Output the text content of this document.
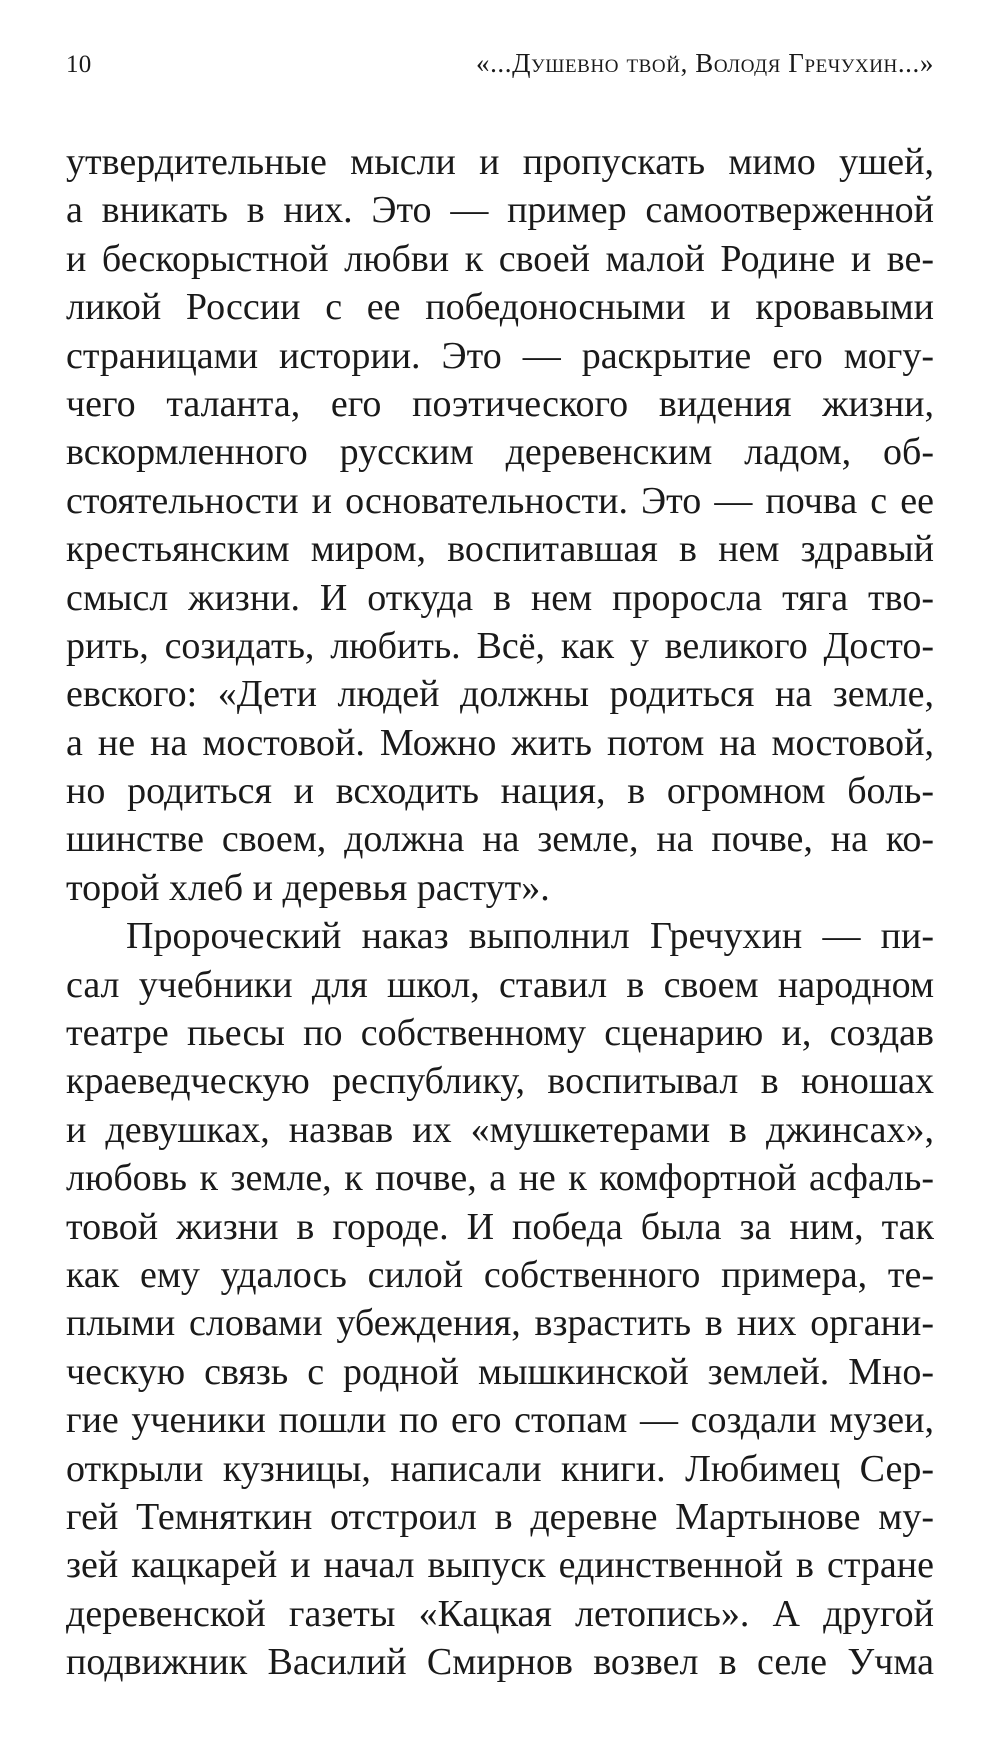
10	«...Душевно твой, Володя Гречухин...»
утвердительные мысли и пропускать мимо ушей,
а вникать в них. Это — пример самоотверженной
и бескорыстной любви к своей малой Родине и ве-
ликой России с ее победоносными и кровавыми
страницами истории. Это — раскрытие его могу-
чего таланта, его поэтического видения жизни,
вскормленного русским деревенским ладом, об-
стоятельности и основательности. Это — почва с ее
крестьянским миром, воспитавшая в нем здравый
смысл жизни. И откуда в нем проросла тяга тво-
рить, созидать, любить. Всё, как у великого Досто-
евского: «Дети людей должны родиться на земле,
а не на мостовой. Можно жить потом на мостовой,
но родиться и всходить нация, в огромном боль-
шинстве своем, должна на земле, на почве, на ко-
торой хлеб и деревья растут».
Пророческий наказ выполнил Гречухин — пи-
сал учебники для школ, ставил в своем народном
театре пьесы по собственному сценарию и, создав
краеведческую республику, воспитывал в юношах
и девушках, назвав их «мушкетерами в джинсах»,
любовь к земле, к почве, а не к комфортной асфаль-
товой жизни в городе. И победа была за ним, так
как ему удалось силой собственного примера, те-
плыми словами убеждения, взрастить в них органи-
ческую связь с родной мышкинской землей. Мно-
гие ученики пошли по его стопам — создали музеи,
открыли кузницы, написали книги. Любимец Сер-
гей Темняткин отстроил в деревне Мартынове му-
зей кацкарей и начал выпуск единственной в стране
деревенской газеты «Кацкая летопись». А другой
подвижник Василий Смирнов возвел в селе Учма
